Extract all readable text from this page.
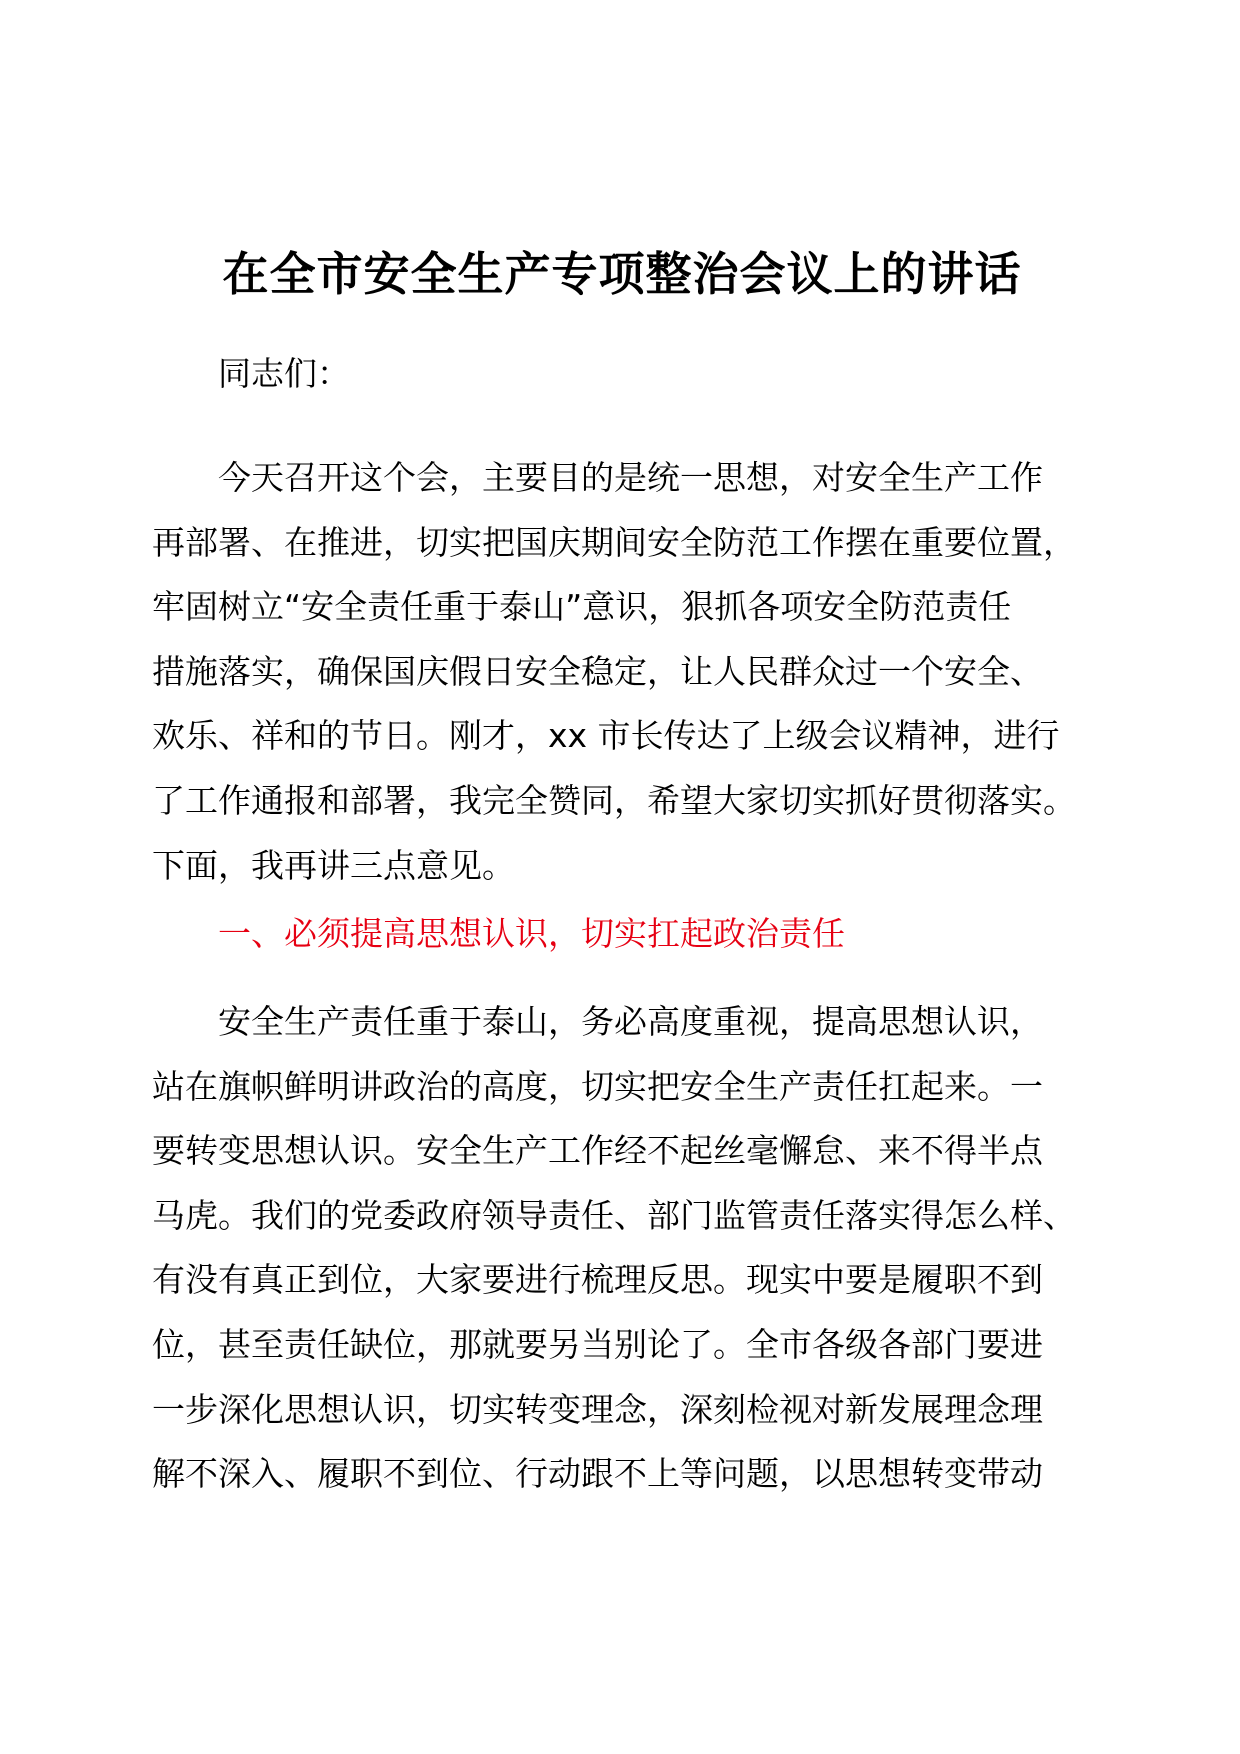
在全市安全生产专项整治会议上的讲话
同志们：
今天召开这个会，主要目的是统一思想，对安全生产工作
再部署、在推进，切实把国庆期间安全防范工作摆在重要位置，
牢固树立“安全责任重于泰山”意识，狠抓各项安全防范责任
措施落实，确保国庆假日安全稳定，让人民群众过一个安全、
欢乐、祥和的节日。刚才，xx 市长传达了上级会议精神，进行
了工作通报和部署，我完全赞同，希望大家切实抓好贯彻落实。
下面，我再讲三点意见。
一、必须提高思想认识，切实扛起政治责任
安全生产责任重于泰山，务必高度重视，提高思想认识，
站在旗帜鲜明讲政治的高度，切实把安全生产责任扛起来。一
要转变思想认识。安全生产工作经不起丝毫懈怠、来不得半点
马虎。我们的党委政府领导责任、部门监管责任落实得怎么样、
有没有真正到位，大家要进行梳理反思。现实中要是履职不到
位，甚至责任缺位，那就要另当别论了。全市各级各部门要进
一步深化思想认识，切实转变理念，深刻检视对新发展理念理
解不深入、履职不到位、行动跟不上等问题，以思想转变带动
